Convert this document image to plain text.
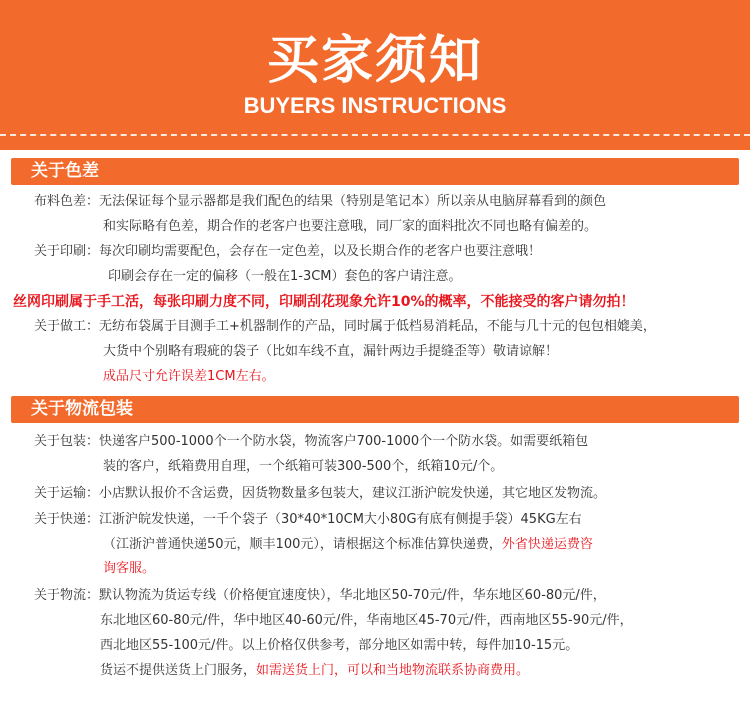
买家须知
BUYERS INSTRUCTIONS
关于色差
布料色差：无法保证每个显示器都是我们配色的结果（特别是笔记本）所以亲从电脑屏幕看到的颜色
和实际略有色差，期合作的老客户也要注意哦，同厂家的面料批次不同也略有偏差的。
关于印刷：每次印刷均需要配色，会存在一定色差，以及长期合作的老客户也要注意哦！
印刷会存在一定的偏移（一般在1-3CM）套色的客户请注意。
丝网印刷属于手工活，每张印刷力度不同，印刷刮花现象允许10%的概率，不能接受的客户请勿拍！
关于做工：无纺布袋属于目测手工+机器制作的产品，同时属于低档易消耗品，不能与几十元的包包相媲美，
大货中个别略有瑕疵的袋子（比如车线不直，漏针两边手提缝歪等）敬请谅解！
成品尺寸允许误差1CM左右。
关于物流包装
关于包装：快递客户500-1000个一个防水袋，物流客户700-1000个一个防水袋。如需要纸箱包
装的客户，纸箱费用自理，一个纸箱可装300-500个，纸箱10元/个。
关于运输：小店默认报价不含运费，因货物数量多包装大，建议江浙沪皖发快递，其它地区发物流。
关于快递：江浙沪皖发快递，一千个袋子（30*40*10CM大小80G有底有侧提手袋）45KG左右
（江浙沪普通快递50元，顺丰100元），请根据这个标准估算快递费，外省快递运费咨
询客服。
关于物流：默认物流为货运专线（价格便宜速度快），华北地区50-70元/件，华东地区60-80元/件，
东北地区60-80元/件，华中地区40-60元/件，华南地区45-70元/件，西南地区55-90元/件，
西北地区55-100元/件。以上价格仅供参考，部分地区如需中转，每件加10-15元。
货运不提供送货上门服务，如需送货上门，可以和当地物流联系协商费用。
